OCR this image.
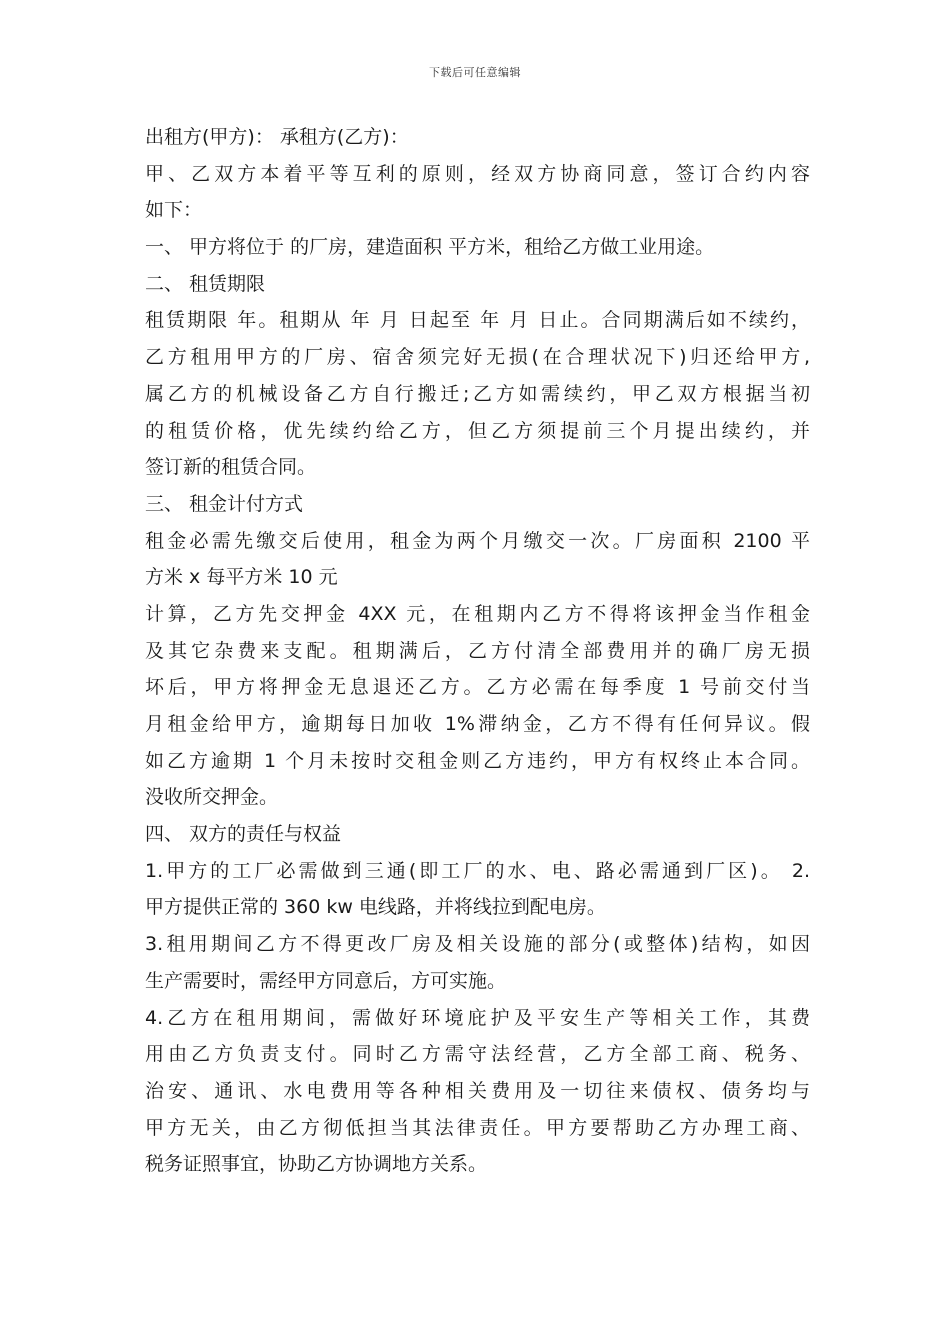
下载后可任意编辑
出租方(甲方)： 承租方(乙方)：
甲、乙双方本着平等互利的原则，经双方协商同意，签订合约内容
如下：
一、 甲方将位于 的厂房，建造面积 平方米，租给乙方做工业用途。
二、 租赁期限
租赁期限 年。租期从 年 月 日起至 年 月 日止。合同期满后如不续约，
乙方租用甲方的厂房、宿舍须完好无损(在合理状况下)归还给甲方,
属乙方的机械设备乙方自行搬迁;乙方如需续约，甲乙双方根据当初
的租赁价格，优先续约给乙方，但乙方须提前三个月提出续约，并
签订新的租赁合同。
三、 租金计付方式
租金必需先缴交后使用，租金为两个月缴交一次。厂房面积 2100 平
方米 x 每平方米 10 元
计算，乙方先交押金 4XX 元，在租期内乙方不得将该押金当作租金
及其它杂费来支配。租期满后，乙方付清全部费用并的确厂房无损
坏后，甲方将押金无息退还乙方。乙方必需在每季度 1 号前交付当
月租金给甲方，逾期每日加收 1%滞纳金，乙方不得有任何异议。假
如乙方逾期 1 个月未按时交租金则乙方违约，甲方有权终止本合同。
没收所交押金。
四、 双方的责任与权益
1.甲方的工厂必需做到三通(即工厂的水、电、路必需通到厂区)。 2.
甲方提供正常的 360 kw 电线路，并将线拉到配电房。
3.租用期间乙方不得更改厂房及相关设施的部分(或整体)结构，如因
生产需要时，需经甲方同意后，方可实施。
4.乙方在租用期间，需做好环境庇护及平安生产等相关工作，其费
用由乙方负责支付。同时乙方需守法经营，乙方全部工商、税务、
治安、通讯、水电费用等各种相关费用及一切往来债权、债务均与
甲方无关，由乙方彻低担当其法律责任。甲方要帮助乙方办理工商、
税务证照事宜，协助乙方协调地方关系。
